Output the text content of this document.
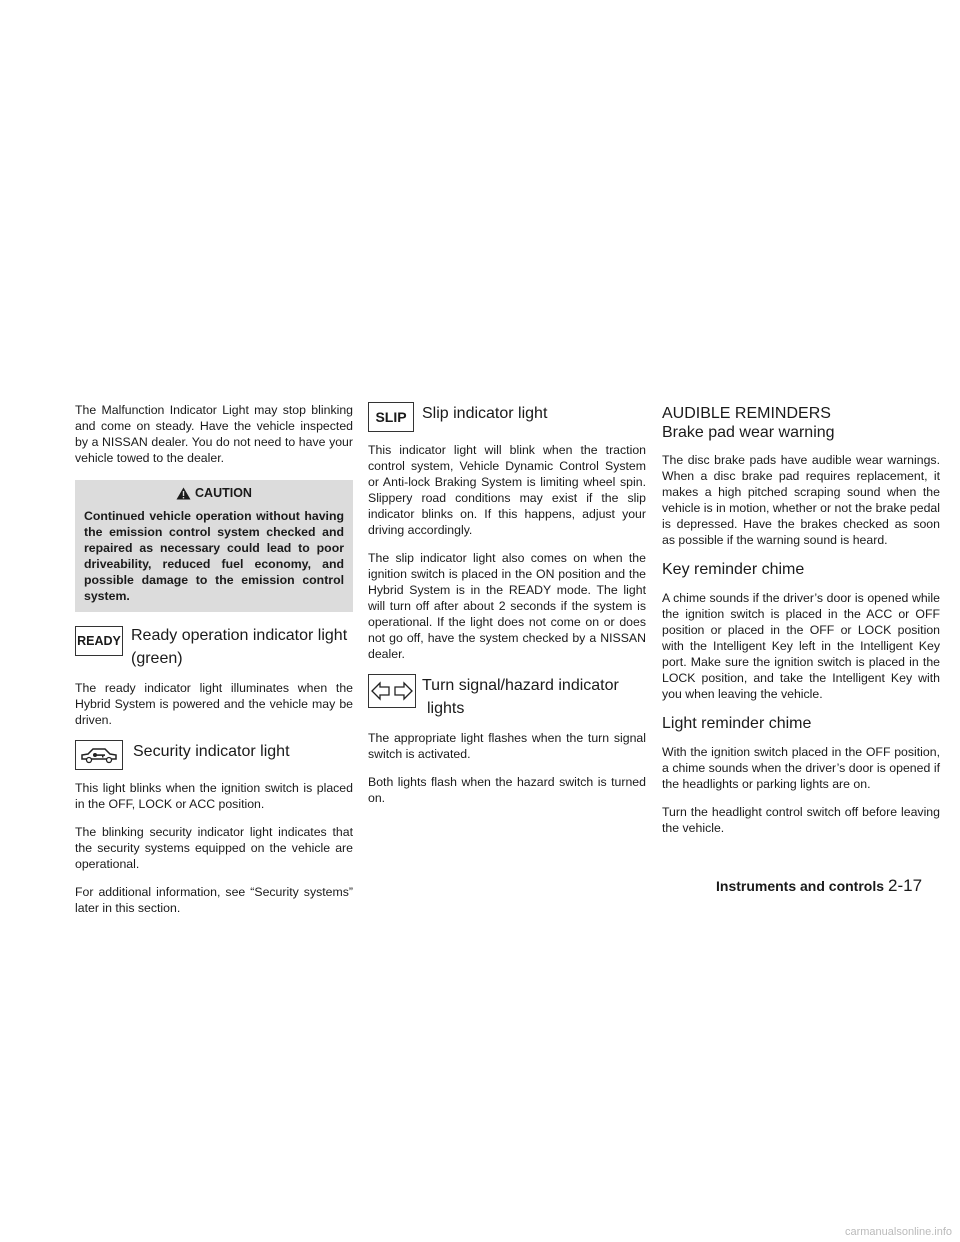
The Malfunction Indicator Light may stop blinking and come on steady. Have the vehicle inspected by a NISSAN dealer. You do not need to have your vehicle towed to the dealer.

CAUTION
Continued vehicle operation without having the emission control system checked and repaired as necessary could lead to poor driveability, reduced fuel economy, and possible damage to the emission control system.
READY Ready operation indicator light
(green)

The ready indicator light illuminates when the Hybrid System is powered and the vehicle may be driven.

Security indicator light

This light blinks when the ignition switch is placed in the OFF, LOCK or ACC position.

The blinking security indicator light indicates that the security systems equipped on the vehicle are operational.

For additional information, see “Security systems” later in this section.

SLIP Slip indicator light

This indicator light will blink when the traction control system, Vehicle Dynamic Control System or Anti-lock Braking System is limiting wheel spin. Slippery road conditions may exist if the slip indicator blinks on. If this happens, adjust your driving accordingly.

The slip indicator light also comes on when the ignition switch is placed in the ON position and the Hybrid System is in the READY mode. The light will turn off after about 2 seconds if the system is operational. If the light does not come on or does not go off, have the system checked by a NISSAN dealer.

Turn signal/hazard indicator
lights

The appropriate light flashes when the turn signal switch is activated.

Both lights flash when the hazard switch is turned on.

AUDIBLE REMINDERS
Brake pad wear warning

The disc brake pads have audible wear warnings. When a disc brake pad requires replacement, it makes a high pitched scraping sound when the vehicle is in motion, whether or not the brake pedal is depressed. Have the brakes checked as soon as possible if the warning sound is heard.

Key reminder chime

A chime sounds if the driver’s door is opened while the ignition switch is placed in the ACC or OFF position or placed in the OFF or LOCK position with the Intelligent Key left in the Intelligent Key port. Make sure the ignition switch is placed in the LOCK position, and take the Intelligent Key with you when leaving the vehicle.

Light reminder chime

With the ignition switch placed in the OFF position, a chime sounds when the driver’s door is opened if the headlights or parking lights are on.

Turn the headlight control switch off before leaving the vehicle.

Instruments and controls 2-17
carmanualsonline.info
